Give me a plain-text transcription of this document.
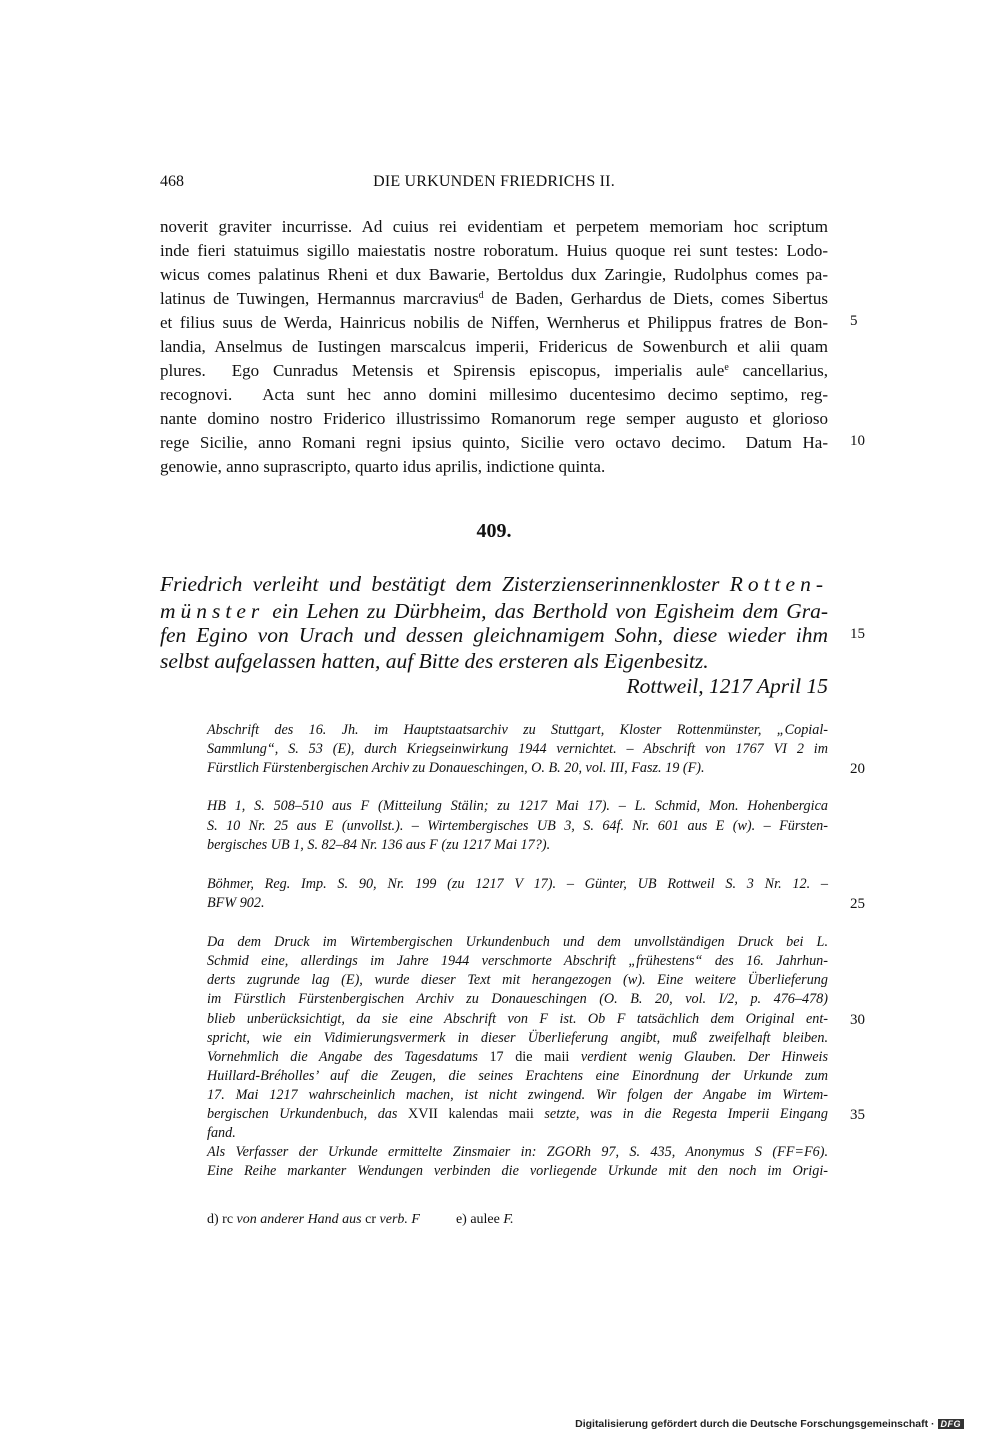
468	DIE URKUNDEN FRIEDRICHS II.
noverit graviter incurrisse. Ad cuius rei evidentiam et perpetem memoriam hoc scriptum
inde fieri statuimus sigillo maiestatis nostre roboratum. Huius quoque rei sunt testes: Lodo-
wicus comes palatinus Rheni et dux Bawarie, Bertoldus dux Zaringie, Rudolphus comes pa-
latinus de Tuwingen, Hermannus marcravius$^d$ de Baden, Gerhardus de Diets, comes Sibertus
et filius suus de Werda, Hainricus nobilis de Niffen, Wernherus et Philippus fratres de Bon-
landia, Anselmus de Iustingen marscalcus imperii, Fridericus de Sowenburch et alii quam
plures. Ego Cunradus Metensis et Spirensis episcopus, imperialis aule$^e$ cancellarius,
recognovi. Acta sunt hec anno domini millesimo ducentesimo decimo septimo, reg-
nante domino nostro Friderico illustrissimo Romanorum rege semper augusto et glorioso
rege Sicilie, anno Romani regni ipsius quinto, Sicilie vero octavo decimo. Datum Ha-
genowie, anno suprascripto, quarto idus aprilis, indictione quinta.
409.
Friedrich verleiht und bestätigt dem Zisterzienserinnenkloster Rotten-
münster ein Lehen zu Dürbheim, das Berthold von Egisheim dem Gra-
fen Egino von Urach und dessen gleichnamigem Sohn, diese wieder ihm
selbst aufgelassen hatten, auf Bitte des ersteren als Eigenbesitz.
Rottweil, 1217 April 15
Abschrift des 16. Jh. im Hauptstaatsarchiv zu Stuttgart, Kloster Rottenmünster, „Copial-
Sammlung“, S. 53 (E), durch Kriegseinwirkung 1944 vernichtet. – Abschrift von 1767 VI 2 im
Fürstlich Fürstenbergischen Archiv zu Donaueschingen, O. B. 20, vol. III, Fasz. 19 (F).
HB 1, S. 508–510 aus F (Mitteilung Stälin; zu 1217 Mai 17). – L. Schmid, Mon. Hohenbergica
S. 10 Nr. 25 aus E (unvollst.). – Wirtembergisches UB 3, S. 64f. Nr. 601 aus E (w). – Fürsten-
bergisches UB 1, S. 82–84 Nr. 136 aus F (zu 1217 Mai 17?).
Böhmer, Reg. Imp. S. 90, Nr. 199 (zu 1217 V 17). – Günter, UB Rottweil S. 3 Nr. 12. –
BFW 902.
Da dem Druck im Wirtembergischen Urkundenbuch und dem unvollständigen Druck bei L.
Schmid eine, allerdings im Jahre 1944 verschmorte Abschrift „frühestens“ des 16. Jahrhun-
derts zugrunde lag (E), wurde dieser Text mit herangezogen (w). Eine weitere Überlieferung
im Fürstlich Fürstenbergischen Archiv zu Donaueschingen (O. B. 20, vol. I/2, p. 476–478)
blieb unberücksichtigt, da sie eine Abschrift von F ist. Ob F tatsächlich dem Original ent-
spricht, wie ein Vidimierungsvermerk in dieser Überlieferung angibt, muß zweifelhaft bleiben.
Vornehmlich die Angabe des Tagesdatums 17 die maii verdient wenig Glauben. Der Hinweis
Huillard-Bréholles’ auf die Zeugen, die seines Erachtens eine Einordnung der Urkunde zum
17. Mai 1217 wahrscheinlich machen, ist nicht zwingend. Wir folgen der Angabe im Wirtem-
bergischen Urkundenbuch, das XVII kalendas maii setzte, was in die Regesta Imperii Eingang
fand.
Als Verfasser der Urkunde ermittelte Zinsmaier in: ZGORh 97, S. 435, Anonymus S (FF=F6).
Eine Reihe markanter Wendungen verbinden die vorliegende Urkunde mit den noch im Origi-
d) rc von anderer Hand aus cr verb. F	e) aulee F.
5
10
15
20
25
30
35
Digitalisierung gefördert durch die Deutsche Forschungsgemeinschaft · DFG
